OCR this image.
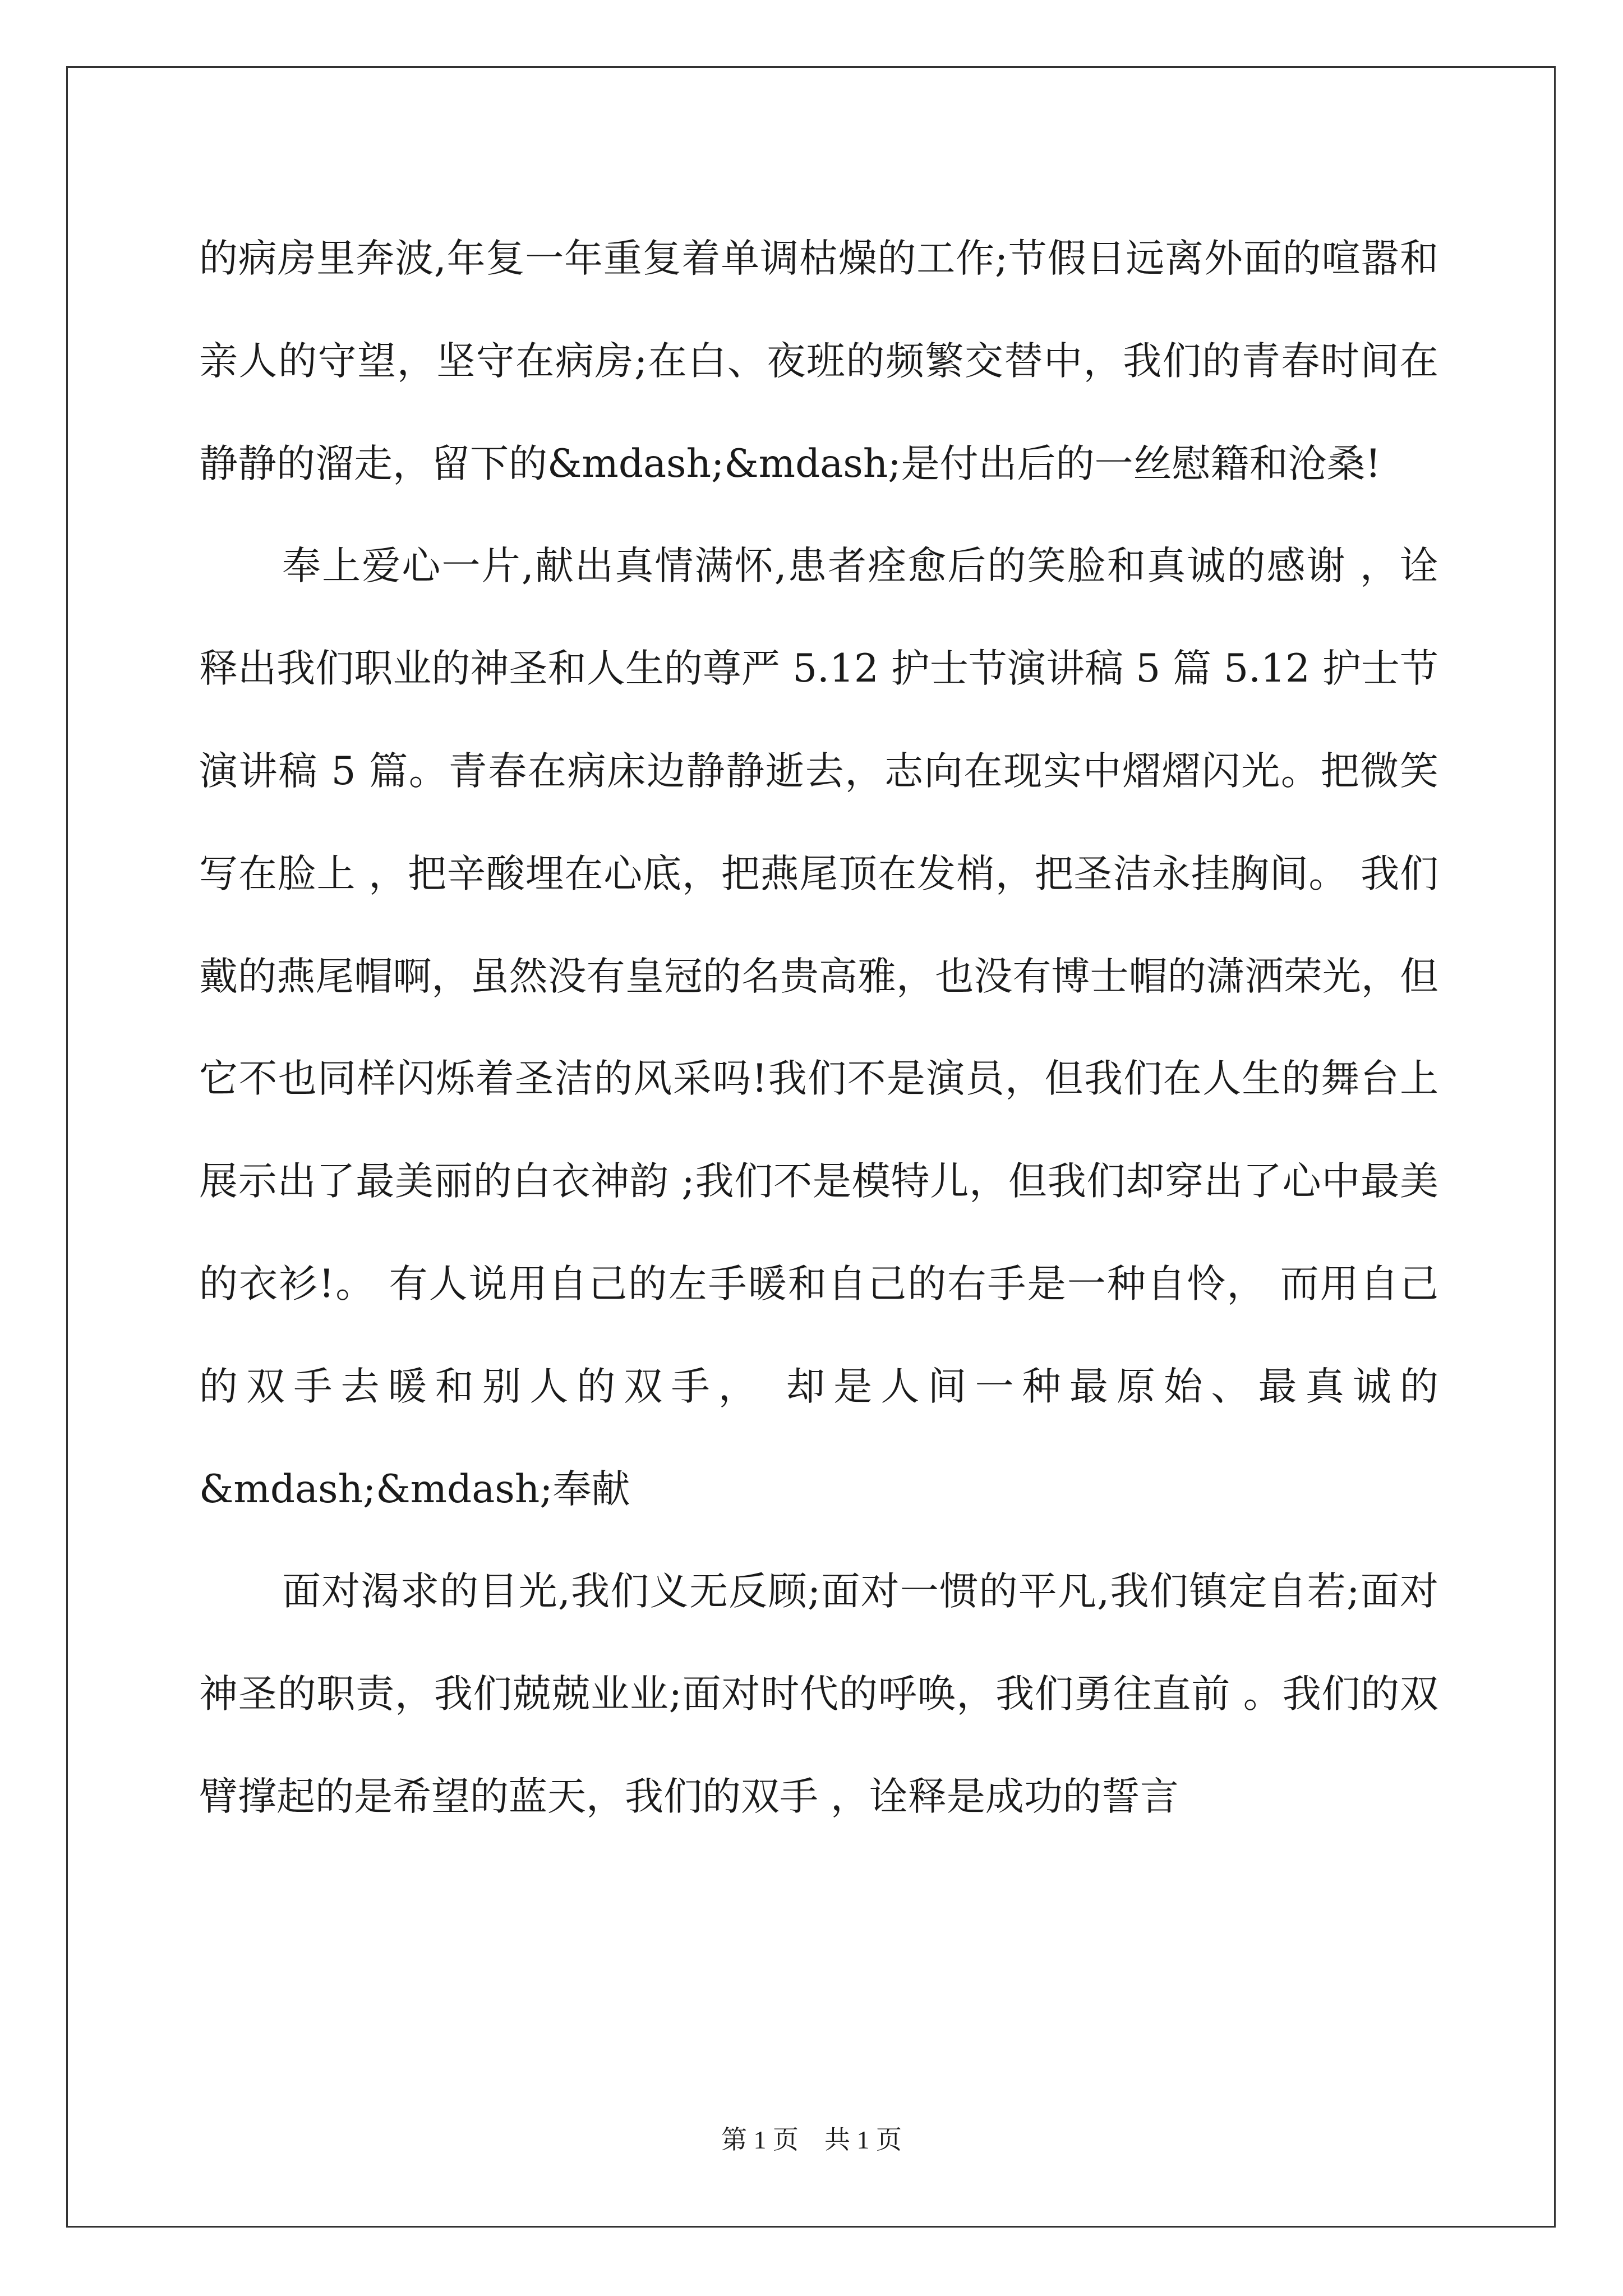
的病房里奔波,年复一年重复着单调枯燥的工作;节假日远离外面的喧嚣和亲人的守望，坚守在病房;在白、夜班的频繁交替中，我们的青春时间在静静的溜走，留下的&mdash;&mdash;是付出后的一丝慰籍和沧桑!

奉上爱心一片,献出真情满怀,患者痊愈后的笑脸和真诚的感谢 ，诠释出我们职业的神圣和人生的尊严 5.12 护士节演讲稿 5 篇 5.12 护士节演讲稿 5 篇。青春在病床边静静逝去，志向在现实中熠熠闪光。把微笑写在脸上 ，把辛酸埋在心底，把燕尾顶在发梢，把圣洁永挂胸间。 我们戴的燕尾帽啊，虽然没有皇冠的名贵高雅，也没有博士帽的潇洒荣光，但它不也同样闪烁着圣洁的风采吗!我们不是演员，但我们在人生的舞台上展示出了最美丽的白衣神韵 ;我们不是模特儿，但我们却穿出了心中最美的衣衫!。 有人说用自己的左手暖和自己的右手是一种自怜， 而用自己的双手去暖和别人的双手， 却是人间一种最原始、最真诚的&mdash;&mdash;奉献

面对渴求的目光,我们义无反顾;面对一惯的平凡,我们镇定自若;面对神圣的职责，我们兢兢业业;面对时代的呼唤，我们勇往直前 。我们的双臂撑起的是希望的蓝天，我们的双手 ，诠释是成功的誓言

第 1 页 共 1 页
